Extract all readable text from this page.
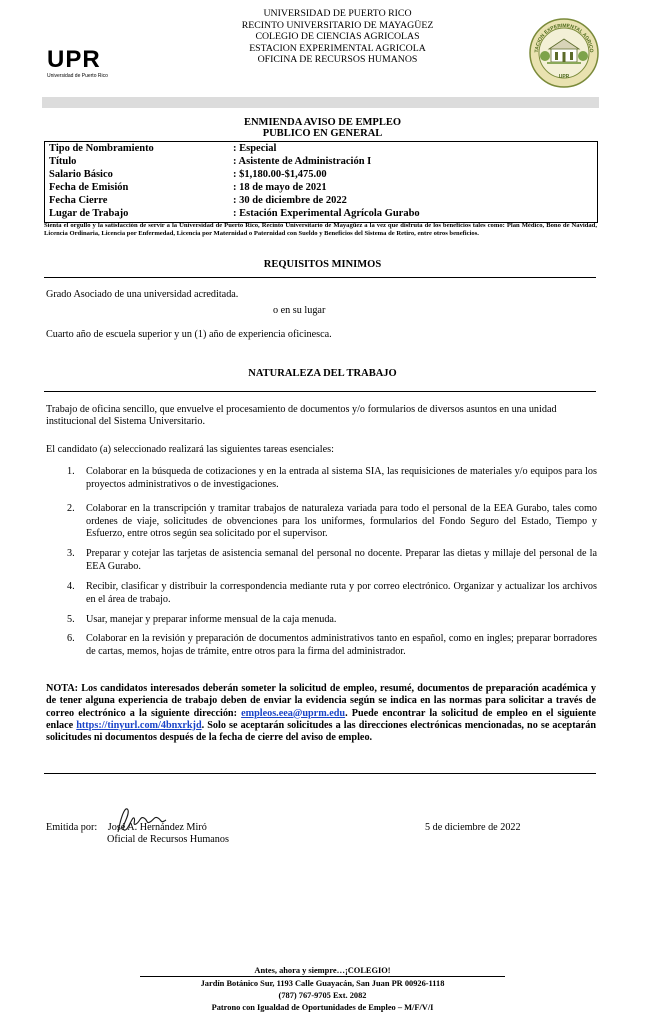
UPR
Universidad de Puerto Rico
UNIVERSIDAD DE PUERTO RICO
RECINTO UNIVERSITARIO DE MAYAGÜEZ
COLEGIO DE CIENCIAS AGRICOLAS
ESTACION EXPERIMENTAL AGRICOLA
OFICINA DE RECURSOS HUMANOS
TACION EXPERIMENTAL AGRICO
UPR
ENMIENDA AVISO DE EMPLEO
PUBLICO EN GENERAL
Tipo de Nombramiento	: Especial
Título	: Asistente de Administración I
Salario Básico	: $1,180.00-$1,475.00
Fecha de Emisión	: 18 de mayo de 2021
Fecha Cierre	: 30 de diciembre de 2022
Lugar de Trabajo	: Estación Experimental Agrícola Gurabo
Sienta el orgullo y la satisfacción de servir a la Universidad de Puerto Rico, Recinto Universitario de Mayagüez a la vez que disfruta de los beneficios tales como: Plan Médico, Bono de Navidad, Licencia Ordinaria, Licencia por Enfermedad, Licencia por Maternidad o Paternidad con Sueldo y Beneficios del Sistema de Retiro, entre otros beneficios.
REQUISITOS MINIMOS
Grado Asociado de una universidad acreditada.
o en su lugar
Cuarto año de escuela superior y un (1) año de experiencia oficinesca.
NATURALEZA DEL TRABAJO
Trabajo de oficina sencillo, que envuelve el procesamiento de documentos y/o formularios de diversos asuntos en una unidad institucional del Sistema Universitario.
El candidato (a) seleccionado realizará las siguientes tareas esenciales:
1.	Colaborar en la búsqueda de cotizaciones y en la entrada al sistema SIA, las requisiciones de materiales y/o equipos para los proyectos administrativos o de investigaciones.
2.	Colaborar en la transcripción y tramitar trabajos de naturaleza variada para todo el personal de la EEA Gurabo, tales como ordenes de viaje, solicitudes de obvenciones para los uniformes, formularios del Fondo Seguro del Estado, Tiempo y Esfuerzo, entre otros según sea solicitado por el supervisor.
3.	Preparar y cotejar las tarjetas de asistencia semanal del personal no docente. Preparar las dietas y millaje del personal de la EEA Gurabo.
4.	Recibir, clasificar y distribuir la correspondencia mediante ruta y por correo electrónico. Organizar y actualizar los archivos en el área de trabajo.
5.	Usar, manejar y preparar informe mensual de la caja menuda.
6.	Colaborar en la revisión y preparación de documentos administrativos tanto en español, como en ingles; preparar borradores de cartas, memos, hojas de trámite, entre otros para la firma del administrador.
NOTA: Los candidatos interesados deberán someter la solicitud de empleo, resumé, documentos de preparación académica y de tener alguna experiencia de trabajo deben de enviar la evidencia según se indica en las normas para solicitar a través de correo electrónico a la siguiente dirección: empleos.eea@uprm.edu. Puede encontrar la solicitud de empleo en el siguiente enlace https://tinyurl.com/4bnxrkjd. Solo se aceptarán solicitudes a las direcciones electrónicas mencionadas, no se aceptarán solicitudes ni documentos después de la fecha de cierre del aviso de empleo.
Emitida por: José A. Hernández Miró
Oficial de Recursos Humanos
5 de diciembre de 2022
Antes, ahora y siempre…¡COLEGIO!
Jardín Botánico Sur, 1193 Calle Guayacán, San Juan PR 00926-1118
(787) 767-9705 Ext. 2082
Patrono con Igualdad de Oportunidades de Empleo – M/F/V/I
